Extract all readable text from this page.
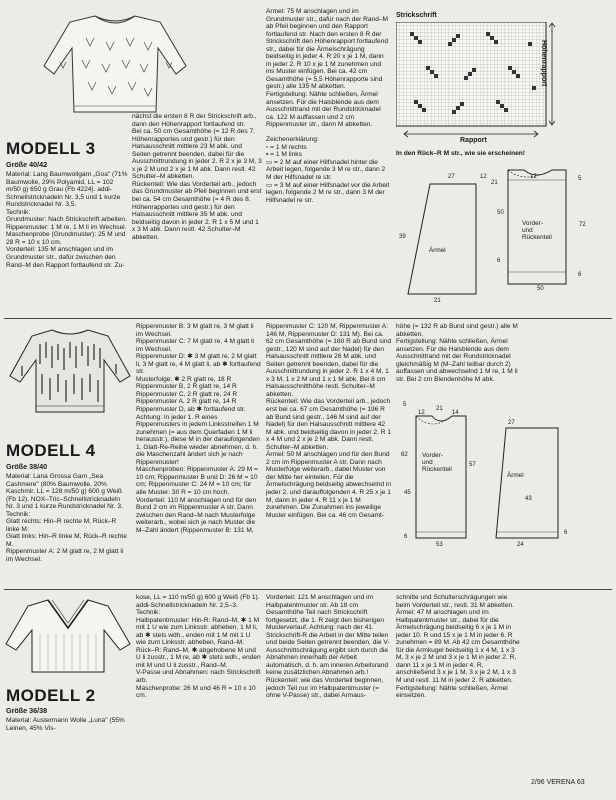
MODELL 3
Größe 40/42
Material: Lang Baumwollgarn „Goa" (71% Baumwolle, 29% Polyamid, LL = 102 m/50 g) 650 g Grau (Fb 4224). addi-Schnellstricknadeln Nr. 3,5 und 1 kurze Rundstricknadel Nr. 3,5.
Technik:
Grundmuster: Nach Strickschrift arbeiten.
Rippenmuster: 1 M re, 1 M li im Wechsel.
Maschenprobe (Grundmuster): 25 M und 28 R = 10 x 10 cm.
Vorderteil: 135 M anschlagen und im Grundmuster str., dafür zwischen den Rand–M den Rapport fortlaufend str. Zu-
nächst die ersten 8 R der Strickschrift arb., dann den Höhenrapport fortlaufend str.
Bei ca. 50 cm Gesamthöhe (= 12 R des 7. Höhenrapportes und gestr.) für den Halsausschnitt mittlere 23 M abk. und Seiten getrennt beenden, dabei für die Ausschnittrundung in jeder 2. R 2 x je 3 M, 3 x je 2 M und 2 x je 1 M abk. Dann restl. 42 Schulter–M abketten.
Rückenteil: Wie das Vorderteil arb., jedoch das Grundmuster ab Pfeil beginnen und erst bei ca. 54 cm Gesamthöhe (= 4 R des 8. Höhenrapportes und gestr.) für den Halsausschnitt mittlere 35 M abk. und beidseitig davon in jeder 2. R 1 x 5 M und 1 x 3 M abk. Dann restl. 42 Schulter–M abketten.
Ärmel: 75 M anschlagen und im Grundmuster str., dafür nach der Rand–M ab Pfeil beginnen und den Rapport fortlaufend str. Nach den ersten 8 R der Strickschrift den Höhenrapport fortlaufend str., dabei für die Ärmelschrägung beidseitig in jeder 4. R 20 x je 1 M, dann in jeder 2. R 10 x je 1 M zunehmen und ins Muster einfügen. Bei ca. 42 cm Gesamthöhe (= 5,5 Höhenrapporte sind gestr.) alle 135 M abketten.
Fertigstellung: Nähte schließen, Ärmel ansetzen. Für die Halsblende aus dem Ausschnittrand mit der Rundstricknadel ca. 122 M auffassen und 2 cm Rippenmuster str., dann M abketten.

Zeichenerklärung:
▫ = 1 M rechts
▪ = 1 M links
▭ = 2 M auf einer Hilfsnadel hinter die Arbeit legen, folgende 3 M re str., dann 2 M der Hilfsnadel re str.
▭ = 3 M auf einer Hilfsnadel vor die Arbeit legen, folgende 2 M re str., dann 3 M der Hilfsnadel re str.
Strickschrift
Höhenrapport
Rapport
In den Rück–R M str., wie sie erscheinen!
27	12
21
12	5
50
39
72
Vorder-
und
Rückenteil
Ärmel
6
6
21
50
MODELL 4
Größe 38/40
Material: Lana Grossa Garn „Sea Cashmere" (80% Baumwolle, 20% Kaschmir, LL = 128 m/50 g) 600 g Weiß (Fb 12). NOX–Tric–Schnellstricknadeln Nr. 3 und 1 kurze Rundstricknadel Nr. 3.
Technik:
Glatt rechts: Hin–R rechte M, Rück–R linke M.
Glatt links: Hin–R linke M, Rück–R rechte M.
Rippenmuster A: 2 M glatt re, 2 M glatt li im Wechsel.
Rippenmuster B: 3 M glatt re, 3 M glatt li im Wechsel.
Rippenmuster C: 7 M glatt re, 4 M glatt li im Wechsel.
Rippenmuster D: ✱ 3 M glatt re, 2 M glatt li, 3 M glatt re, 4 M glatt li, ab ✱ fortlaufend str.
Musterfolge: ✱ 2 R glatt re, 18 R Rippenmuster B, 2 R glatt re, 14 R Rippenmuster C, 2 R glatt re, 24 R Rippenmuster A, 2 R glatt re, 14 R Rippenmuster D, ab ✱ fortlaufend str. Achtung: In jeder 1. R eines Rippenmusters in jedem Linksstreifen 1 M zunehmen (= aus dem Querfaden 1 M li herausstr.), diese M in der daraufolgenden 1. Glatt-Re-Reihe wieder abnehmen, d. h. die Maschenzahl ändert sich je nach Rippenmuster!
Maschenproben: Rippenmuster A: 29 M = 10 cm; Rippenmuster B und D: 26 M = 10 cm; Rippenmuster C: 24 M = 10 cm; für alle Muster: 30 R = 10 cm hoch.
Vorderteil: 110 M anschlagen und für den Bund 2 cm im Rippenmuster A str. Dann zwischen den Rand–M nach Musterfolge weiterarb., wobei sich je nach Muster die M–Zahl ändert (Rippenmuster B: 131 M,
Rippenmuster C: 120 M, Rippenmuster A: 146 M, Rippenmuster D: 131 M). Bei ca. 62 cm Gesamthöhe (= 180 R ab Bund sind gestr., 120 M sind auf der Nadel) für den Halsausschnitt mittlere 26 M abk. und Seiten getrennt beenden, dabei für die Ausschnittrundung in jeder 2. R 1 x 4 M, 1 x 3 M, 1 x 2 M und 1 x 1 M abk. Bei 8 cm Halsausschnitthöhe restl. Schulter–M abketten.
Rückenteil: Wie das Vorderteil arb., jedoch erst bei ca. 67 cm Gesamthöhe (= 196 R ab Bund sind gestr., 146 M sind auf der Nadel) für den Halsausschnitt mittlere 42 M abk. und beidseitig davon in jeder 2. R 1 x 4 M und 2 x je 2 M abk. Dann restl. Schulter–M abketten.
Ärmel: 50 M anschlagen und für den Bund 2 cm im Rippenmuster A str. Dann nach Musterfolge weiterarb., dabei Muster von der Mitte her einteilen. Für die Ärmelschrägung beidseitig abwechselnd in jeder 2. und darauffolgenden 4. R 25 x je 1 M, dann in jeder 4. R 11 x je 1 M zunehmen. Die Zunahmen ins jeweilige Muster einfügen. Bei ca. 46 cm Gesamt-
höhe (= 132 R ab Bund sind gestr.) alle M abketten.
Fertigstellung: Nähte schließen, Ärmel ansetzen. Für die Halsblende aus dem Ausschnittrand mit der Rundstricknadel gleichmäßig M (M–Zahl teilbar durch 2) auffassen und abwechselnd 1 M re, 1 M li str. Bei 2 cm Blendenhöhe M abk.
5
21
14
12
27
Vorder-
und
Rückenteil
62
57
45
Ärmel
43
6
53
6
24
MODELL 2
Größe 36/38
Material: Austermann Wolle „Luna" (55% Leinen, 45% Vis-
kose, LL = 110 m/50 g) 600 g Weiß (Fb 1). addi-Schnellstricknadeln Nr. 2,5–3.
Technik:
Halbpatentmuster: Hin-R: Rand–M, ✱ 1 M mit 1 U wie zum Linksstr. abheben, 1 M li, ab ✱ stets wdh., enden mit 1 M mit 1 U wie zum Linksstr. abheben, Rand–M. Rück–R: Rand–M, ✱ abgehobene M und U li zusstr., 1 M re, ab ✱ stets wdh., enden mit M und U li zusstr., Rand–M.
V-Passe und Abnahmen: nach Strickschrift arb.
Maschenprobe: 26 M und 46 R = 10 x 10 cm.
Vorderteil: 121 M anschlagen und im Halbpatentmuster str. Ab 18 cm Gesamthöhe Teil nach Strickschrift fortgesetzt, die 1. R zeigt den bisherigen Musterverlauf. Achtung: nach der 41. Strickschrift-R die Arbeit in der Mitte teilen und beide Seiten getrennt beenden, die V-Ausschnittschrägung ergibt sich durch die Abnahmen innerhalb der Arbeit automatisch, d. h. am inneren Arbeitsrand keine zusätzlichen Abnahmen arb.!
Rückenteil: wie das Vorderteil beginnen, jedoch Teil nur im Halbpatentmuster (= ohne V-Passe) str., dabei Armaus-
schnitte und Schulterschrägungen wie beim Vorderteil str., restl. 31 M abketten.
Ärmel: 47 M anschlagen und im Halbpatentmuster str., dabei für die Ärmelschrägung beidseitig 6 x je 1 M in jeder 10. R und 15 x je 1 M in jeder 6. R zunehmen = 89 M. Ab 42 cm Gesamthöhe für die Armkugel beidseitig 1 x 4 M, 1 x 3 M, 3 x je 2 M und 3 x je 1 M in jeder 2. R, dann 11 x je 1 M in jeder 4. R, anschließend 3 x je 1 M, 3 x je 2 M, 1 x 3 M und restl. 11 M in jeder 2. R abketten.
Fertigstellung: Nähte schließen, Ärmel einsetzen.
2/96 VERENA 63
